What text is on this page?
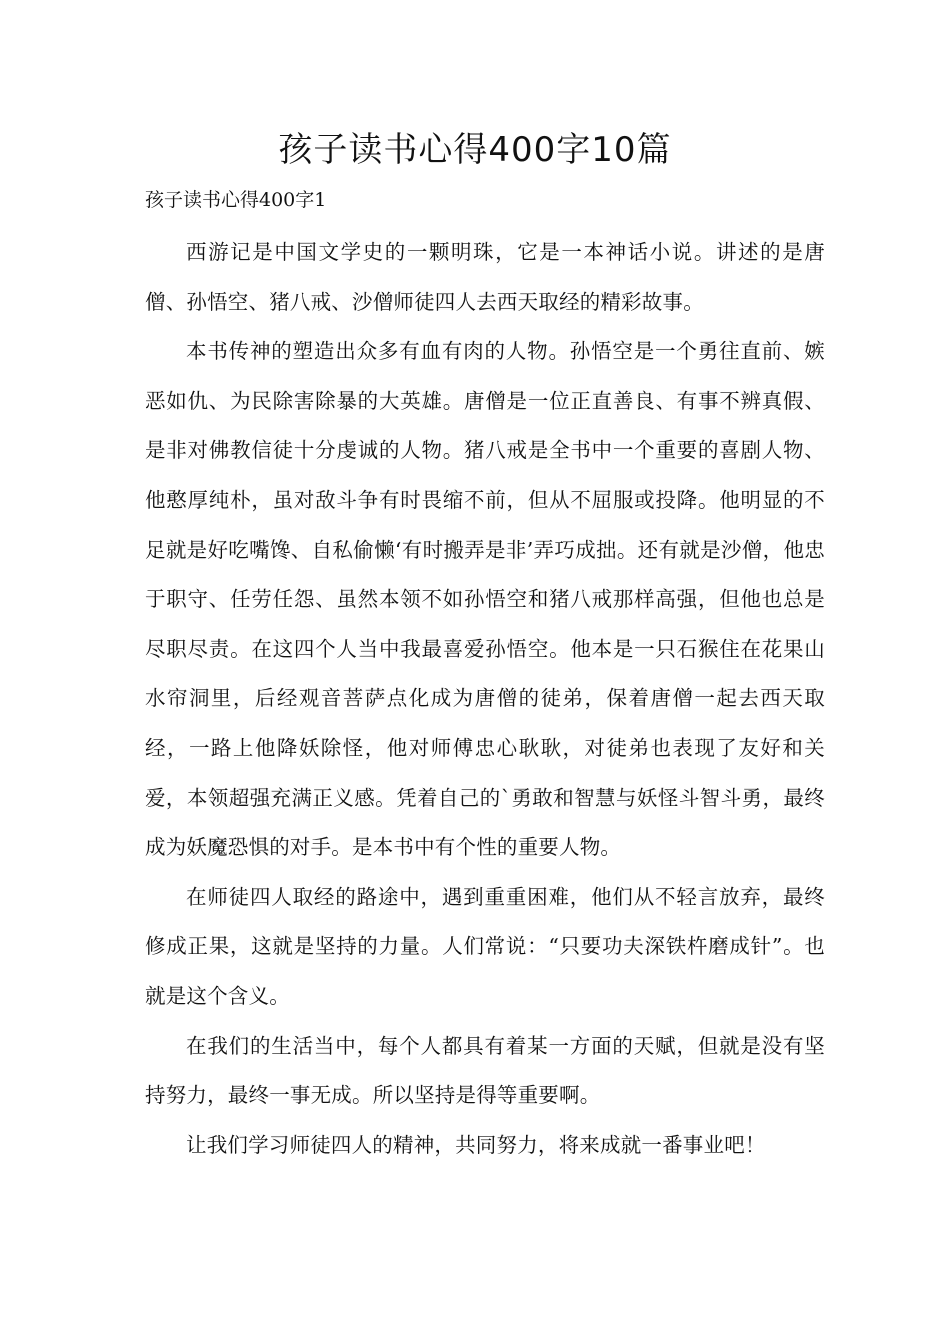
孩子读书心得400字10篇
孩子读书心得400字1

西游记是中国文学史的一颗明珠，它是一本神话小说。讲述的是唐僧、孙悟空、猪八戒、沙僧师徒四人去西天取经的精彩故事。

本书传神的塑造出众多有血有肉的人物。孙悟空是一个勇往直前、嫉恶如仇、为民除害除暴的大英雄。唐僧是一位正直善良、有事不辨真假、是非对佛教信徒十分虔诚的人物。猪八戒是全书中一个重要的喜剧人物、他憨厚纯朴，虽对敌斗争有时畏缩不前，但从不屈服或投降。他明显的不足就是好吃嘴馋、自私偷懒‘有时搬弄是非’弄巧成拙。还有就是沙僧，他忠于职守、任劳任怨、虽然本领不如孙悟空和猪八戒那样高强，但他也总是尽职尽责。在这四个人当中我最喜爱孙悟空。他本是一只石猴住在花果山水帘洞里，后经观音菩萨点化成为唐僧的徒弟，保着唐僧一起去西天取经，一路上他降妖除怪，他对师傅忠心耿耿，对徒弟也表现了友好和关爱，本领超强充满正义感。凭着自己的`勇敢和智慧与妖怪斗智斗勇，最终成为妖魔恐惧的对手。是本书中有个性的重要人物。

在师徒四人取经的路途中，遇到重重困难，他们从不轻言放弃，最终修成正果，这就是坚持的力量。人们常说：“只要功夫深铁杵磨成针”。也就是这个含义。

在我们的生活当中，每个人都具有着某一方面的天赋，但就是没有坚持努力，最终一事无成。所以坚持是得等重要啊。

让我们学习师徒四人的精神，共同努力，将来成就一番事业吧！
